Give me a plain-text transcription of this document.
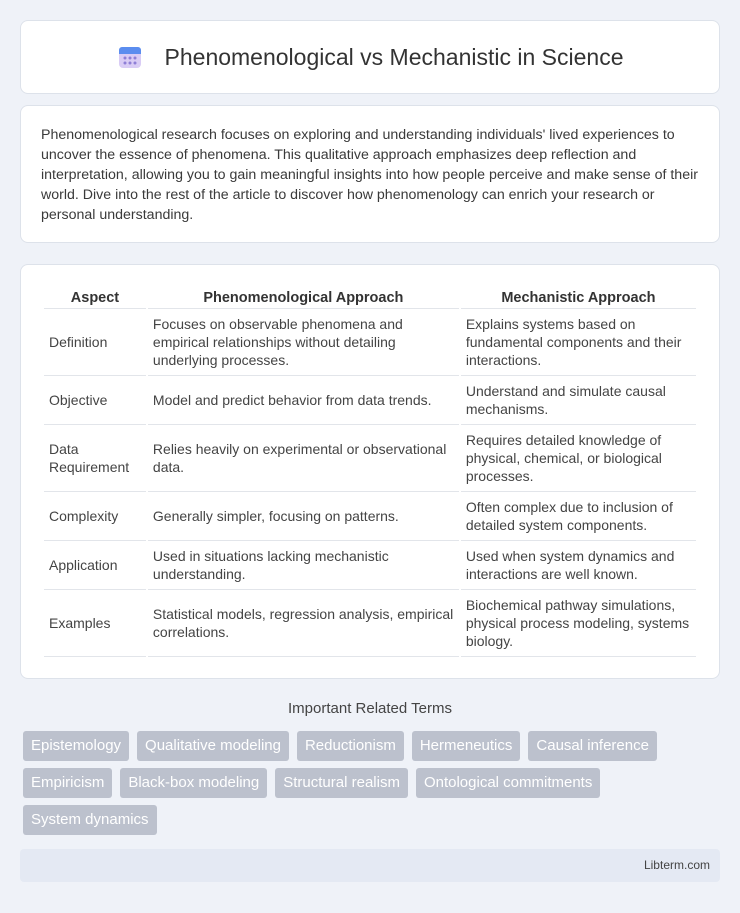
Phenomenological vs Mechanistic in Science

Phenomenological research focuses on exploring and understanding individuals' lived experiences to uncover the essence of phenomena. This qualitative approach emphasizes deep reflection and interpretation, allowing you to gain meaningful insights into how people perceive and make sense of their world. Dive into the rest of the article to discover how phenomenology can enrich your research or personal understanding.

Aspect	Phenomenological Approach	Mechanistic Approach
Definition	Focuses on observable phenomena and empirical relationships without detailing underlying processes.	Explains systems based on fundamental components and their interactions.
Objective	Model and predict behavior from data trends.	Understand and simulate causal mechanisms.
Data Requirement	Relies heavily on experimental or observational data.	Requires detailed knowledge of physical, chemical, or biological processes.
Complexity	Generally simpler, focusing on patterns.	Often complex due to inclusion of detailed system components.
Application	Used in situations lacking mechanistic understanding.	Used when system dynamics and interactions are well known.
Examples	Statistical models, regression analysis, empirical correlations.	Biochemical pathway simulations, physical process modeling, systems biology.
Important Related Terms
Epistemology	Qualitative modeling	Reductionism	Hermeneutics	Causal inference
Empiricism	Black-box modeling	Structural realism	Ontological commitments
System dynamics
Libterm.com
